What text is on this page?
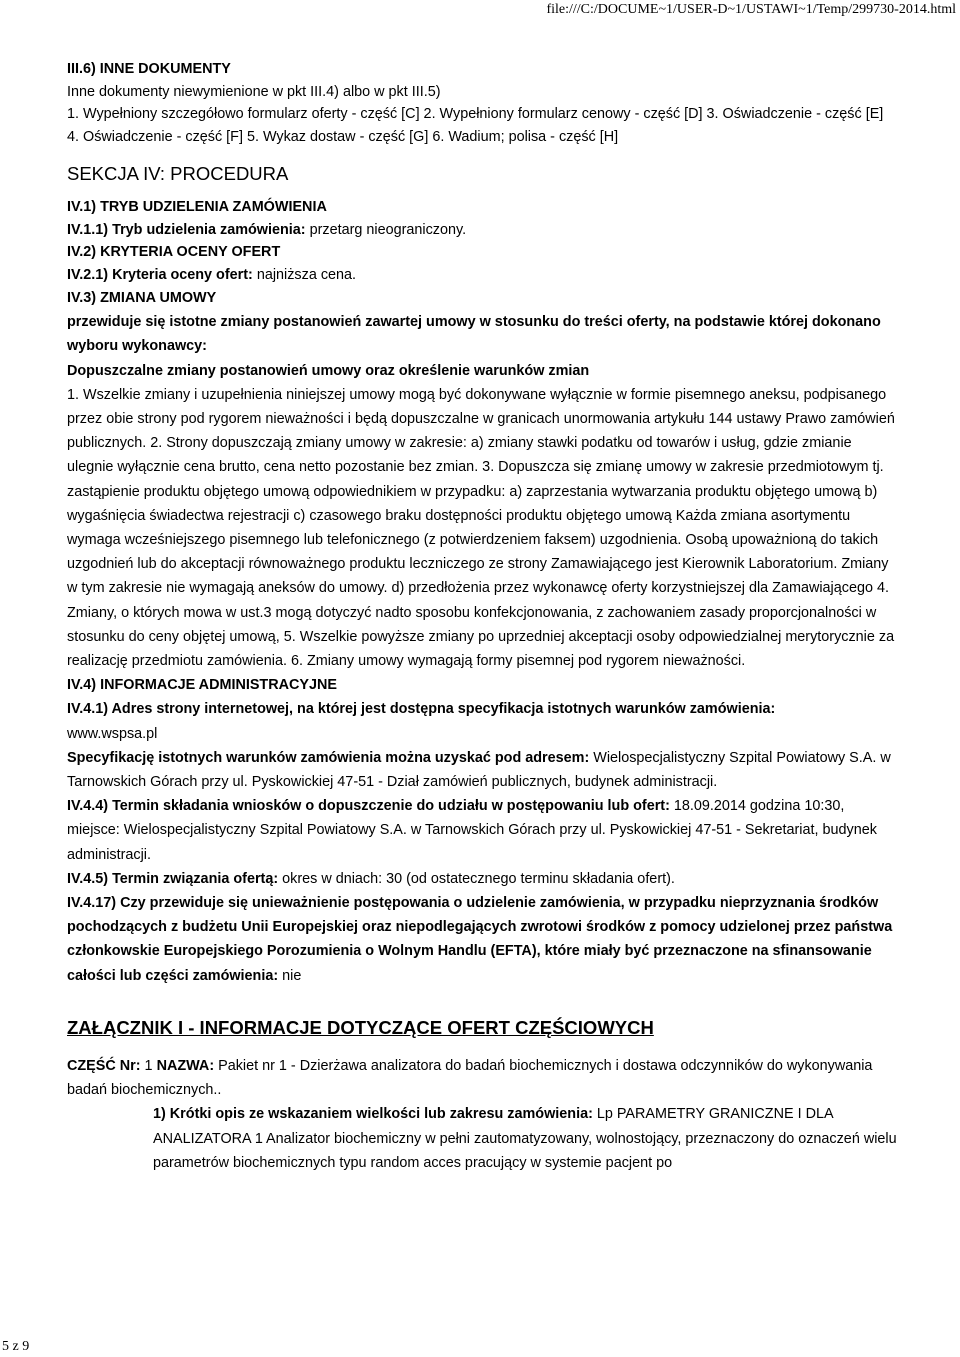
file:///C:/DOCUME~1/USER-D~1/USTAWI~1/Temp/299730-2014.html
III.6) INNE DOKUMENTY
Inne dokumenty niewymienione w pkt III.4) albo w pkt III.5)
1. Wypełniony szczegółowo formularz oferty - część [C] 2. Wypełniony formularz cenowy - część [D] 3. Oświadczenie - część [E] 4. Oświadczenie - część [F] 5. Wykaz dostaw - część [G] 6. Wadium; polisa - część [H]
SEKCJA IV: PROCEDURA
IV.1) TRYB UDZIELENIA ZAMÓWIENIA
IV.1.1) Tryb udzielenia zamówienia: przetarg nieograniczony.
IV.2) KRYTERIA OCENY OFERT
IV.2.1) Kryteria oceny ofert: najniższa cena.
IV.3) ZMIANA UMOWY
przewiduje się istotne zmiany postanowień zawartej umowy w stosunku do treści oferty, na podstawie której dokonano wyboru wykonawcy:
Dopuszczalne zmiany postanowień umowy oraz określenie warunków zmian
1. Wszelkie zmiany i uzupełnienia niniejszej umowy mogą być dokonywane wyłącznie w formie pisemnego aneksu, podpisanego przez obie strony pod rygorem nieważności i będą dopuszczalne w granicach unormowania artykułu 144 ustawy Prawo zamówień publicznych. 2. Strony dopuszczają zmiany umowy w zakresie: a) zmiany stawki podatku od towarów i usług, gdzie zmianie ulegnie wyłącznie cena brutto, cena netto pozostanie bez zmian. 3. Dopuszcza się zmianę umowy w zakresie przedmiotowym tj. zastąpienie produktu objętego umową odpowiednikiem w przypadku: a) zaprzestania wytwarzania produktu objętego umową b) wygaśnięcia świadectwa rejestracji c) czasowego braku dostępności produktu objętego umową Każda zmiana asortymentu wymaga wcześniejszego pisemnego lub telefonicznego (z potwierdzeniem faksem) uzgodnienia. Osobą upoważnioną do takich uzgodnień lub do akceptacji równoważnego produktu leczniczego ze strony Zamawiającego jest Kierownik Laboratorium. Zmiany w tym zakresie nie wymagają aneksów do umowy. d) przedłożenia przez wykonawcę oferty korzystniejszej dla Zamawiającego 4. Zmiany, o których mowa w ust.3 mogą dotyczyć nadto sposobu konfekcjonowania, z zachowaniem zasady proporcjonalności w stosunku do ceny objętej umową, 5. Wszelkie powyższe zmiany po uprzedniej akceptacji osoby odpowiedzialnej merytorycznie za realizację przedmiotu zamówienia. 6. Zmiany umowy wymagają formy pisemnej pod rygorem nieważności.
IV.4) INFORMACJE ADMINISTRACYJNE
IV.4.1) Adres strony internetowej, na której jest dostępna specyfikacja istotnych warunków zamówienia:
www.wspsa.pl
Specyfikację istotnych warunków zamówienia można uzyskać pod adresem: Wielospecjalistyczny Szpital Powiatowy S.A. w Tarnowskich Górach przy ul. Pyskowickiej 47-51 - Dział zamówień publicznych, budynek administracji.
IV.4.4) Termin składania wniosków o dopuszczenie do udziału w postępowaniu lub ofert: 18.09.2014 godzina 10:30, miejsce: Wielospecjalistyczny Szpital Powiatowy S.A. w Tarnowskich Górach przy ul. Pyskowickiej 47-51 - Sekretariat, budynek administracji.
IV.4.5) Termin związania ofertą: okres w dniach: 30 (od ostatecznego terminu składania ofert).
IV.4.17) Czy przewiduje się unieważnienie postępowania o udzielenie zamówienia, w przypadku nieprzyznania środków pochodzących z budżetu Unii Europejskiej oraz niepodlegających zwrotowi środków z pomocy udzielonej przez państwa członkowskie Europejskiego Porozumienia o Wolnym Handlu (EFTA), które miały być przeznaczone na sfinansowanie całości lub części zamówienia: nie
ZAŁĄCZNIK I - INFORMACJE DOTYCZĄCE OFERT CZĘŚCIOWYCH
CZĘŚĆ Nr: 1 NAZWA: Pakiet nr 1 - Dzierżawa analizatora do badań biochemicznych i dostawa odczynników do wykonywania badań biochemicznych..
1) Krótki opis ze wskazaniem wielkości lub zakresu zamówienia: Lp PARAMETRY GRANICZNE I DLA ANALIZATORA 1 Analizator biochemiczny w pełni zautomatyzowany, wolnostojący, przeznaczony do oznaczeń wielu parametrów biochemicznych typu random acces pracujący w systemie pacjent po
5 z 9
